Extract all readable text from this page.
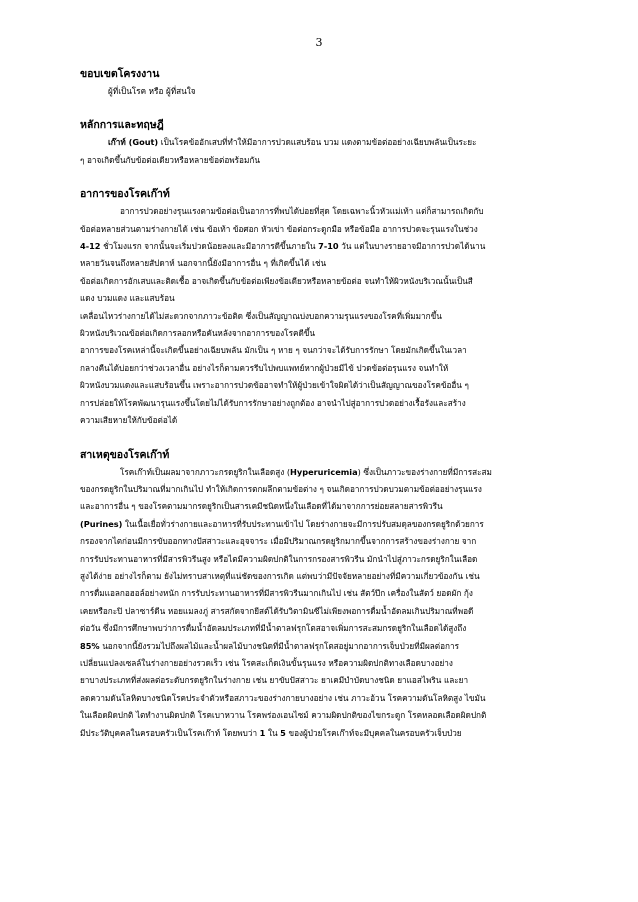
3
ขอบเขตโครงงาน

ผู้ที่เป็นโรค หรือ ผู้ที่สนใจ

หลักการและทฤษฎี

เก๊าท์ (Gout) เป็นโรคข้ออักเสบที่ทำให้มีอาการปวดแสบร้อน บวม แดงตามข้อต่ออย่างเฉียบพลันเป็นระยะ

ๆ อาจเกิดขึ้นกับข้อต่อเดียวหรือหลายข้อต่อพร้อมกัน

อาการของโรคเก๊าท์

อาการปวดอย่างรุนแรงตามข้อต่อเป็นอาการที่พบได้บ่อยที่สุด โดยเฉพาะนิ้วหัวแม่เท้า แต่ก็สามารถเกิดกับ

ข้อต่อหลายส่วนตามร่างกายได้ เช่น ข้อเท้า ข้อศอก หัวเข่า ข้อต่อกระดูกมือ หรือข้อมือ อาการปวดจะรุนแรงในช่วง

4-12 ชั่วโมงแรก จากนั้นจะเริ่มปวดน้อยลงและมีอาการดีขึ้นภายใน 7-10 วัน แต่ในบางรายอาจมีอาการปวดได้นาน

หลายวันจนถึงหลายสัปดาห์ นอกจากนี้ยังมีอาการอื่น ๆ ที่เกิดขึ้นได้ เช่น

ข้อต่อเกิดการอักเสบและติดเชื้อ อาจเกิดขึ้นกับข้อต่อเพียงข้อเดียวหรือหลายข้อต่อ จนทำให้ผิวหนังบริเวณนั้นเป็นสี

แดง บวมแดง และแสบร้อน

เคลื่อนไหวร่างกายได้ไม่สะดวกจากภาวะข้อติด ซึ่งเป็นสัญญาณบ่งบอกความรุนแรงของโรคที่เพิ่มมากขึ้น

ผิวหนังบริเวณข้อต่อเกิดการลอกหรือคันหลังจากอาการของโรคดีขึ้น

อาการของโรคเหล่านี้จะเกิดขึ้นอย่างเฉียบพลัน มักเป็น ๆ หาย ๆ จนกว่าจะได้รับการรักษา โดยมักเกิดขึ้นในเวลา

กลางคืนได้บ่อยกว่าช่วงเวลาอื่น อย่างไรก็ตามควรรีบไปพบแพทย์หากผู้ป่วยมีไข้ ปวดข้อต่อรุนแรง จนทำให้

ผิวหนังบวมแดงและแสบร้อนขึ้น เพราะอาการปวดข้ออาจทำให้ผู้ป่วยเข้าใจผิดได้ว่าเป็นสัญญาณของโรคข้ออื่น ๆ

การปล่อยให้โรคพัฒนารุนแรงขึ้นโดยไม่ได้รับการรักษาอย่างถูกต้อง อาจนำไปสู่อาการปวดอย่างเรื้อรังและสร้าง

ความเสียหายให้กับข้อต่อได้

สาเหตุของโรคเก๊าท์

โรคเก๊าท์เป็นผลมาจากภาวะกรดยูริกในเลือดสูง (Hyperuricemia) ซึ่งเป็นภาวะของร่างกายที่มีการสะสม

ของกรดยูริกในปริมาณที่มากเกินไป ทำให้เกิดการตกผลึกตามข้อต่าง ๆ จนเกิดอาการปวดบวมตามข้อต่ออย่างรุนแรง

และอาการอื่น ๆ ของโรคตามมากรดยูริกเป็นสารเคมีชนิดหนึ่งในเลือดที่ได้มาจากการย่อยสลายสารพิวรีน

(Purines) ในเนื้อเยื่อทั่วร่างกายและอาหารที่รับประทานเข้าไป โดยร่างกายจะมีการปรับสมดุลของกรดยูริกด้วยการ

กรองจากไตก่อนมีการขับออกทางปัสสาวะและอุจจาระ เมื่อมีปริมาณกรดยูริกมากขึ้นจากการสร้างของร่างกาย จาก

การรับประทานอาหารที่มีสารพิวรีนสูง หรือไตมีความผิดปกติในการกรองสารพิวรีน มักนำไปสู่ภาวะกรดยูริกในเลือด

สูงได้ง่าย อย่างไรก็ตาม ยังไม่ทราบสาเหตุที่แน่ชัดของการเกิด แต่พบว่ามีปัจจัยหลายอย่างที่มีความเกี่ยวข้องกัน เช่น

การดื่มแอลกอฮอล์อย่างหนัก การรับประทานอาหารที่มีสารพิวรีนมากเกินไป เช่น สัตว์ปีก เครื่องในสัตว์ ยอดผัก กุ้ง

เคยหรือกะปิ ปลาซาร์ดีน หอยแมลงภู่ สารสกัดจากยีสต์ได้รับวิตามินซีไม่เพียงพอการดื่มน้ำอัดลมเกินปริมาณที่พอดี

ต่อวัน ซึ่งมีการศึกษาพบว่าการดื่มน้ำอัดลมประเภทที่มีน้ำตาลฟรุกโตสอาจเพิ่มการสะสมกรดยูริกในเลือดได้สูงถึง

85% นอกจากนี้ยังรวมไปถึงผลไม้และน้ำผลไม้บางชนิดที่มีน้ำตาลฟรุกโตสอยู่มากอาการเจ็บป่วยที่มีผลต่อการ

เปลี่ยนแปลงเซลล์ในร่างกายอย่างรวดเร็ว เช่น โรคสะเก็ดเงินขั้นรุนแรง หรือความผิดปกติทางเลือดบางอย่าง

ยาบางประเภทที่ส่งผลต่อระดับกรดยูริกในร่างกาย เช่น ยาขับปัสสาวะ ยาเคมีบำบัดบางชนิด ยาแอสไพริน และยา

ลดความดันโลหิตบางชนิดโรคประจำตัวหรือสภาวะของร่างกายบางอย่าง เช่น ภาวะอ้วน โรคความดันโลหิตสูง ไขมัน

ในเลือดผิดปกติ ไตทำงานผิดปกติ โรคเบาหวาน โรคพร่องเอนไซม์ ความผิดปกติของไขกระดูก โรคหลอดเลือดผิดปกติ

มีประวัติบุคคลในครอบครัวเป็นโรคเก๊าท์ โดยพบว่า 1 ใน 5 ของผู้ป่วยโรคเก๊าท์จะมีบุคคลในครอบครัวเจ็บป่วย
